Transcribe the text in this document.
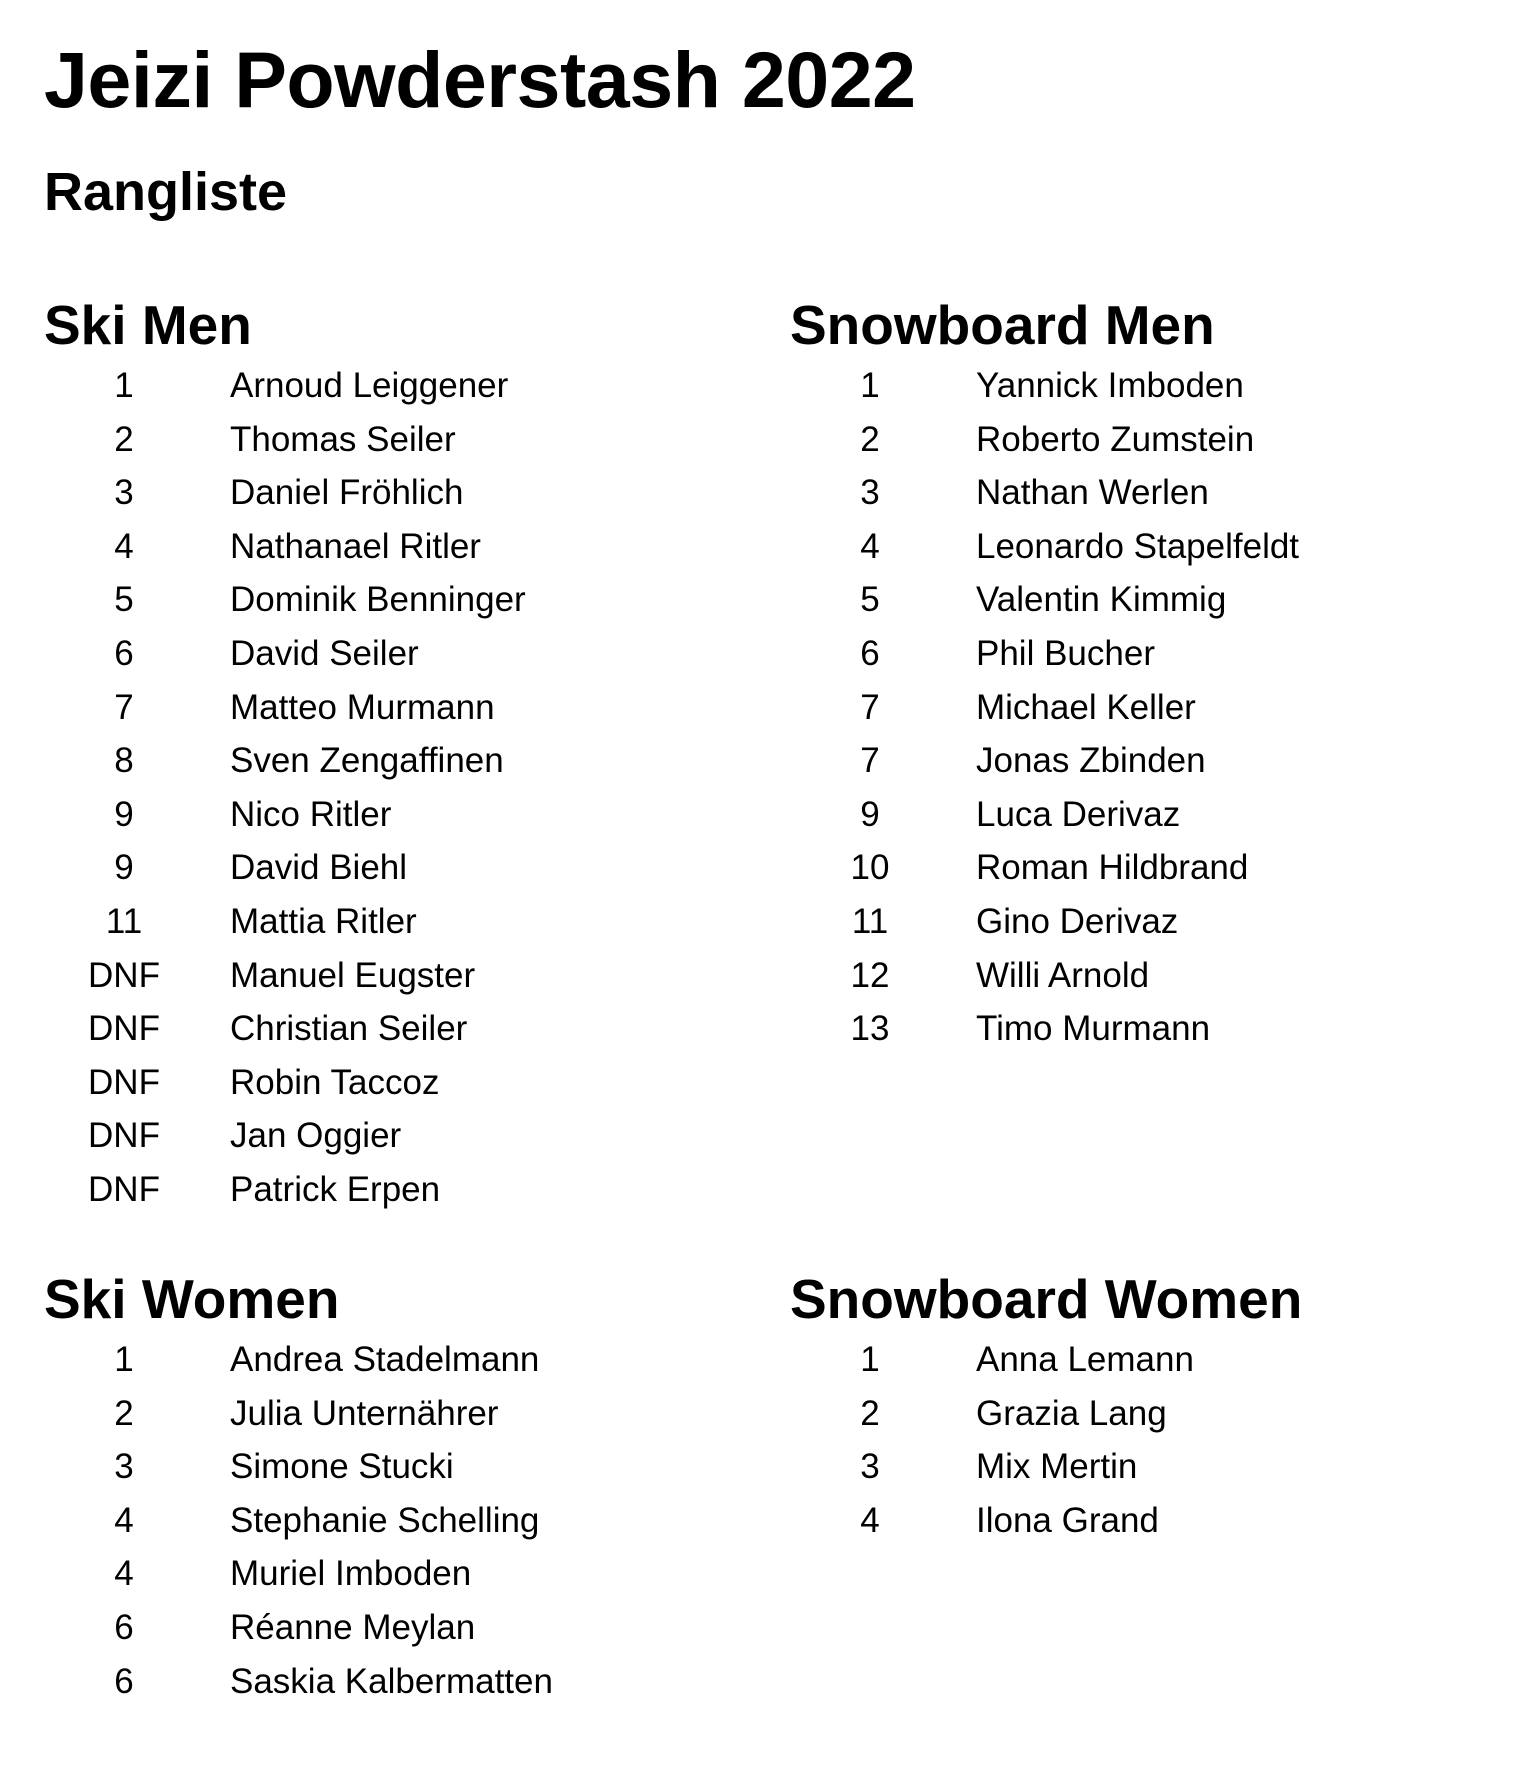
Jeizi Powderstash 2022
Rangliste
Ski Men
1	Arnoud Leiggener
2	Thomas Seiler
3	Daniel Fröhlich
4	Nathanael Ritler
5	Dominik Benninger
6	David Seiler
7	Matteo Murmann
8	Sven Zengaffinen
9	Nico Ritler
9	David Biehl
11	Mattia Ritler
DNF	Manuel Eugster
DNF	Christian Seiler
DNF	Robin Taccoz
DNF	Jan Oggier
DNF	Patrick Erpen
Snowboard Men
1	Yannick Imboden
2	Roberto Zumstein
3	Nathan Werlen
4	Leonardo Stapelfeldt
5	Valentin Kimmig
6	Phil Bucher
7	Michael Keller
7	Jonas Zbinden
9	Luca Derivaz
10	Roman Hildbrand
11	Gino Derivaz
12	Willi Arnold
13	Timo Murmann
Ski Women
1	Andrea Stadelmann
2	Julia Unternährer
3	Simone Stucki
4	Stephanie Schelling
4	Muriel Imboden
6	Réanne Meylan
6	Saskia Kalbermatten
Snowboard Women
1	Anna Lemann
2	Grazia Lang
3	Mix Mertin
4	Ilona Grand
